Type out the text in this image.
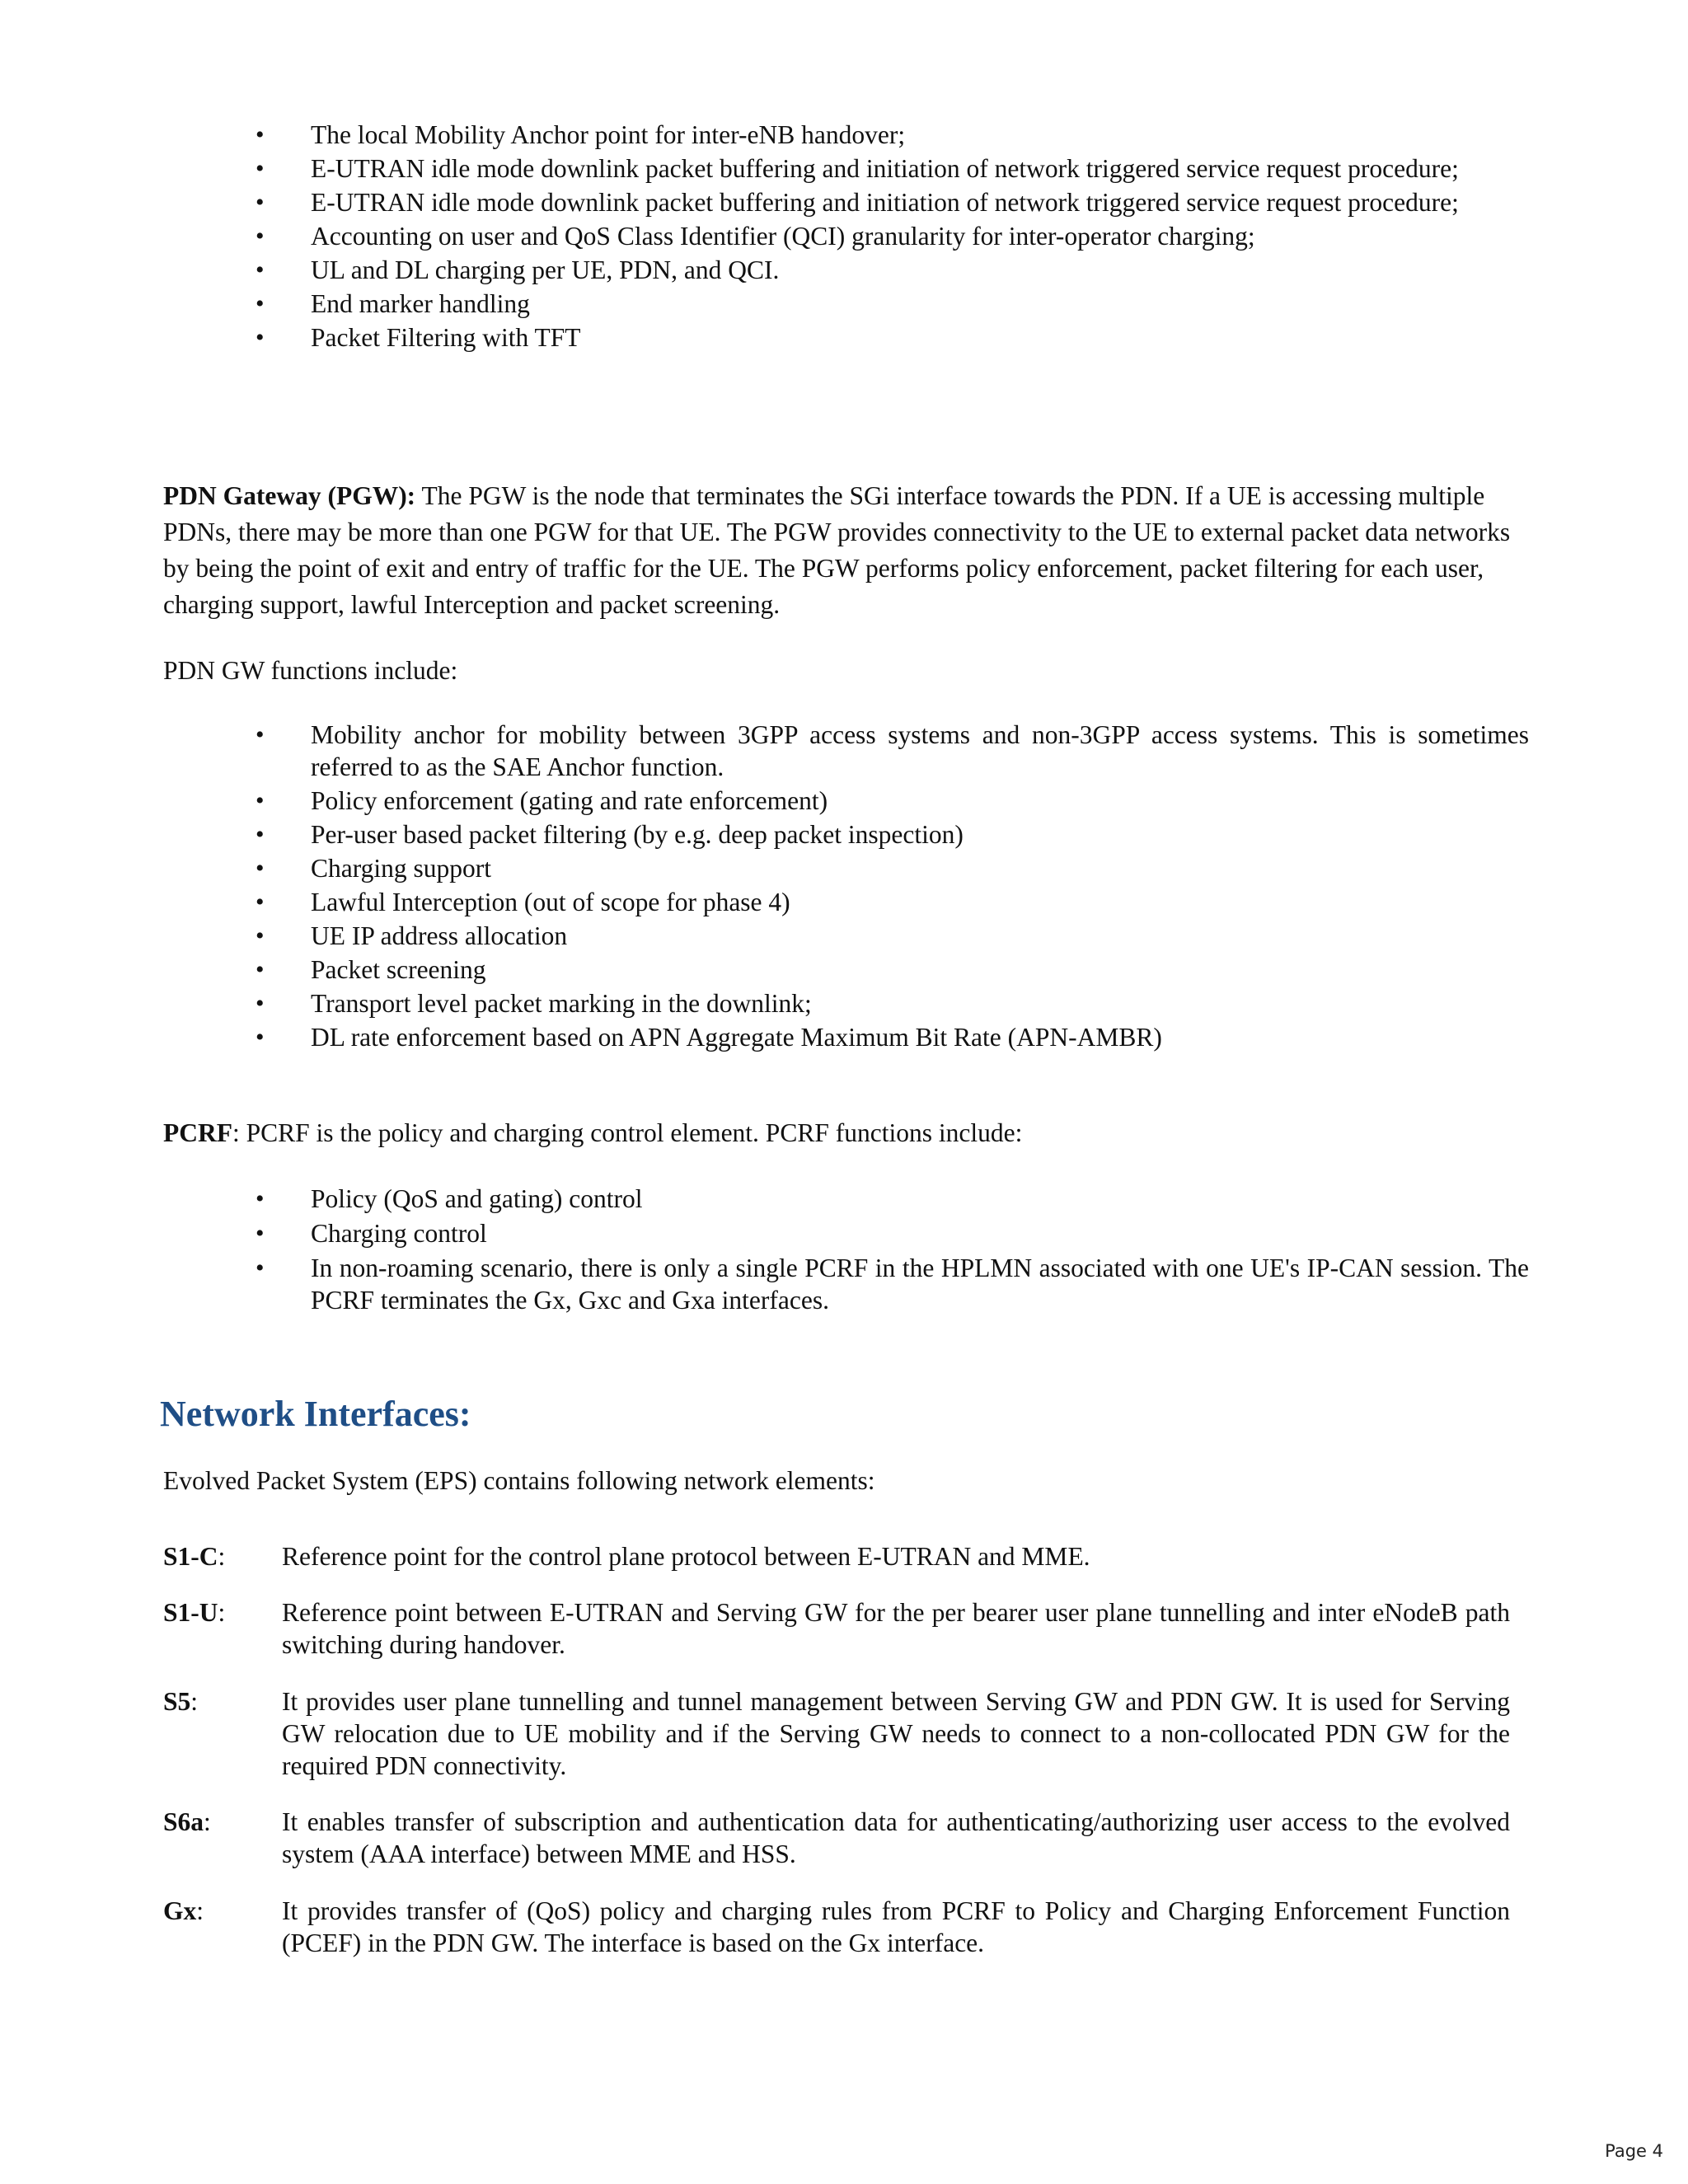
• The local Mobility Anchor point for inter-eNB handover;
• E-UTRAN idle mode downlink packet buffering and initiation of network triggered service request procedure;
• E-UTRAN idle mode downlink packet buffering and initiation of network triggered service request procedure;
• Accounting on user and QoS Class Identifier (QCI) granularity for inter-operator charging;
• UL and DL charging per UE, PDN, and QCI.
• End marker handling
• Packet Filtering with TFT

PDN Gateway (PGW): The PGW is the node that terminates the SGi interface towards the PDN. If a UE is accessing multiple PDNs, there may be more than one PGW for that UE. The PGW provides connectivity to the UE to external packet data networks by being the point of exit and entry of traffic for the UE. The PGW performs policy enforcement, packet filtering for each user, charging support, lawful Interception and packet screening.

PDN GW functions include:

• Mobility anchor for mobility between 3GPP access systems and non-3GPP access systems. This is sometimes referred to as the SAE Anchor function.
• Policy enforcement (gating and rate enforcement)
• Per-user based packet filtering (by e.g. deep packet inspection)
• Charging support
• Lawful Interception (out of scope for phase 4)
• UE IP address allocation
• Packet screening
• Transport level packet marking in the downlink;
• DL rate enforcement based on APN Aggregate Maximum Bit Rate (APN-AMBR)

PCRF: PCRF is the policy and charging control element. PCRF functions include:

• Policy (QoS and gating) control
• Charging control
• In non-roaming scenario, there is only a single PCRF in the HPLMN associated with one UE's IP-CAN session. The PCRF terminates the Gx, Gxc and Gxa interfaces.
Network Interfaces:

Evolved Packet System (EPS) contains following network elements:

S1-C:	Reference point for the control plane protocol between E-UTRAN and MME.
S1-U:	Reference point between E-UTRAN and Serving GW for the per bearer user plane tunnelling and inter eNodeB path switching during handover.
S5:	It provides user plane tunnelling and tunnel management between Serving GW and PDN GW. It is used for Serving GW relocation due to UE mobility and if the Serving GW needs to connect to a non-collocated PDN GW for the required PDN connectivity.
S6a:	It enables transfer of subscription and authentication data for authenticating/authorizing user access to the evolved system (AAA interface) between MME and HSS.
Gx:	It provides transfer of (QoS) policy and charging rules from PCRF to Policy and Charging Enforcement Function (PCEF) in the PDN GW. The interface is based on the Gx interface.
Page 4
